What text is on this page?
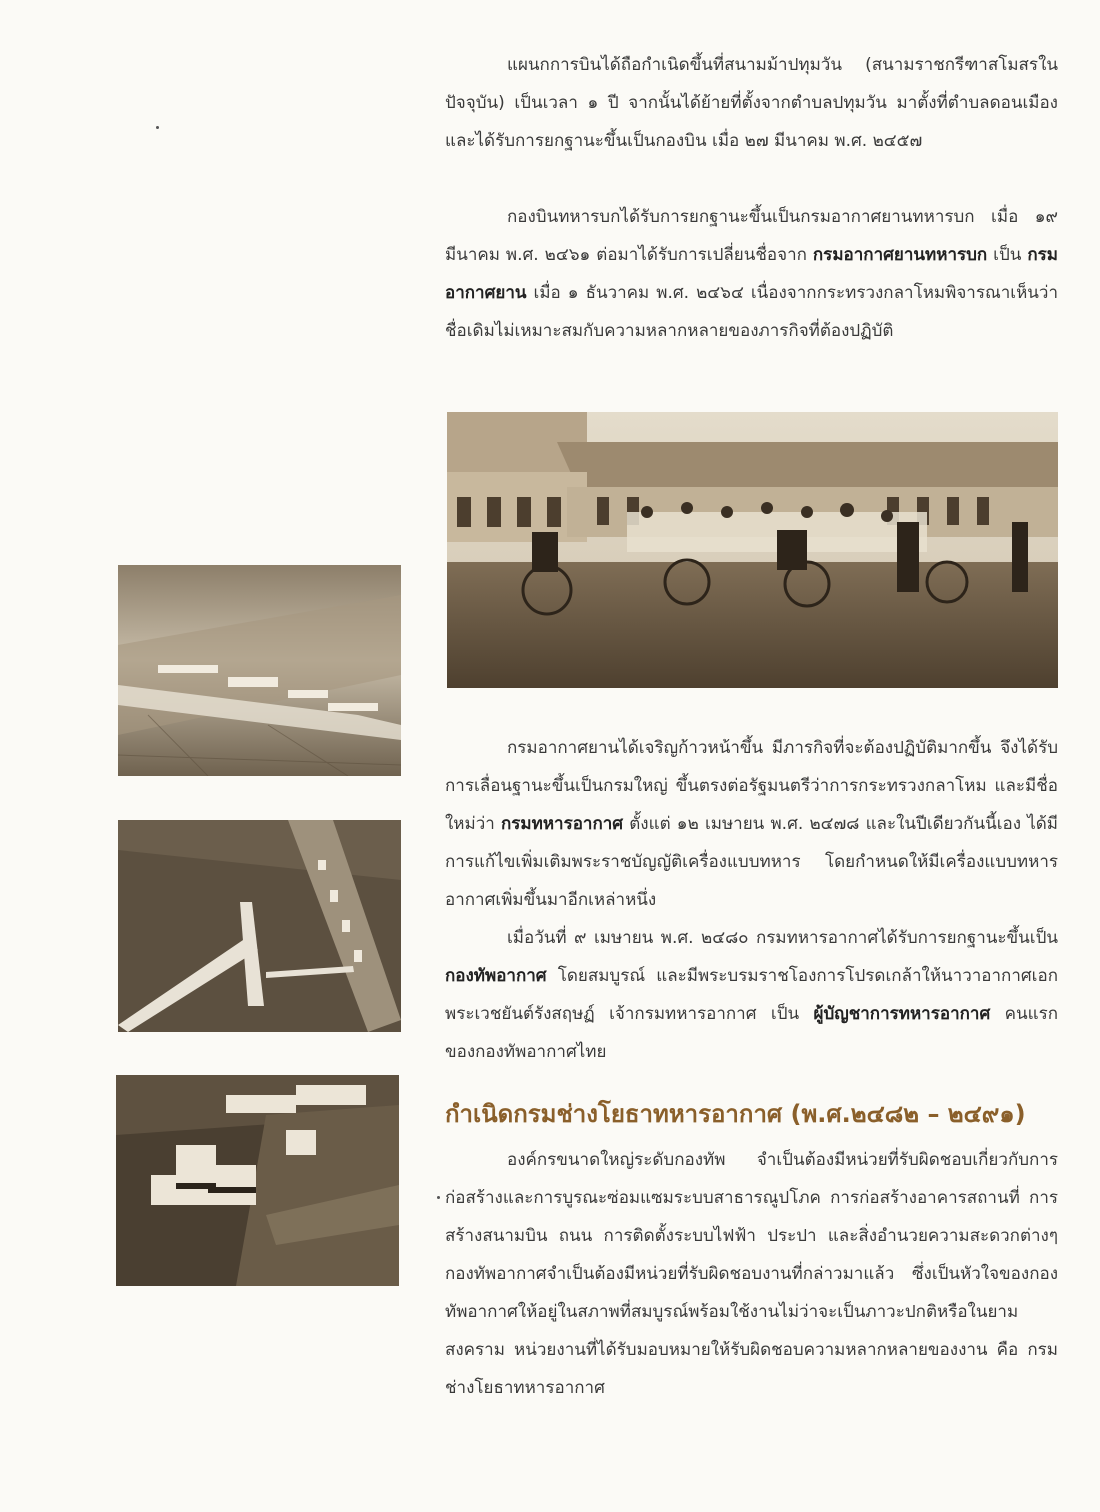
แผนกการบินได้ถือกำเนิดขึ้นที่สนามม้าปทุมวัน (สนามราชกรีฑาสโมสรในปัจจุบัน) เป็นเวลา ๑ ปี จากนั้นได้ย้ายที่ตั้งจากตำบลปทุมวัน มาตั้งที่ตำบลดอนเมือง และได้รับการยกฐานะขึ้นเป็นกองบิน เมื่อ ๒๗ มีนาคม พ.ศ. ๒๔๕๗

กองบินทหารบกได้รับการยกฐานะขึ้นเป็นกรมอากาศยานทหารบก เมื่อ ๑๙ มีนาคม พ.ศ. ๒๔๖๑ ต่อมาได้รับการเปลี่ยนชื่อจาก กรมอากาศยานทหารบก เป็น กรมอากาศยาน เมื่อ ๑ ธันวาคม พ.ศ. ๒๔๖๔ เนื่องจากกระทรวงกลาโหมพิจารณาเห็นว่าชื่อเดิมไม่เหมาะสมกับความหลากหลายของภารกิจที่ต้องปฏิบัติ

กรมอากาศยานได้เจริญก้าวหน้าขึ้น มีภารกิจที่จะต้องปฏิบัติมากขึ้น จึงได้รับการเลื่อนฐานะขึ้นเป็นกรมใหญ่ ขึ้นตรงต่อรัฐมนตรีว่าการกระทรวงกลาโหม และมีชื่อใหม่ว่า กรมทหารอากาศ ตั้งแต่ ๑๒ เมษายน พ.ศ. ๒๔๗๘ และในปีเดียวกันนี้เอง ได้มีการแก้ไขเพิ่มเติมพระราชบัญญัติเครื่องแบบทหาร โดยกำหนดให้มีเครื่องแบบทหารอากาศเพิ่มขึ้นมาอีกเหล่าหนึ่ง

เมื่อวันที่ ๙ เมษายน พ.ศ. ๒๔๘๐ กรมทหารอากาศได้รับการยกฐานะขึ้นเป็น กองทัพอากาศ โดยสมบูรณ์ และมีพระบรมราชโองการโปรดเกล้าให้นาวาอากาศเอก พระเวชยันต์รังสฤษฏ์ เจ้ากรมทหารอากาศ เป็น ผู้บัญชาการทหารอากาศ คนแรกของกองทัพอากาศไทย

กำเนิดกรมช่างโยธาทหารอากาศ (พ.ศ.๒๔๘๒ – ๒๔๙๑)

องค์กรขนาดใหญ่ระดับกองทัพ จำเป็นต้องมีหน่วยที่รับผิดชอบเกี่ยวกับการก่อสร้างและการบูรณะซ่อมแซมระบบสาธารณูปโภค การก่อสร้างอาคารสถานที่ การสร้างสนามบิน ถนน การติดตั้งระบบไฟฟ้า ประปา และสิ่งอำนวยความสะดวกต่างๆ กองทัพอากาศจำเป็นต้องมีหน่วยที่รับผิดชอบงานที่กล่าวมาแล้ว ซึ่งเป็นหัวใจของกองทัพอากาศให้อยู่ในสภาพที่สมบูรณ์พร้อมใช้งานไม่ว่าจะเป็นภาวะปกติหรือในยามสงคราม หน่วยงานที่ได้รับมอบหมายให้รับผิดชอบความหลากหลายของงาน คือ กรมช่างโยธาทหารอากาศ
